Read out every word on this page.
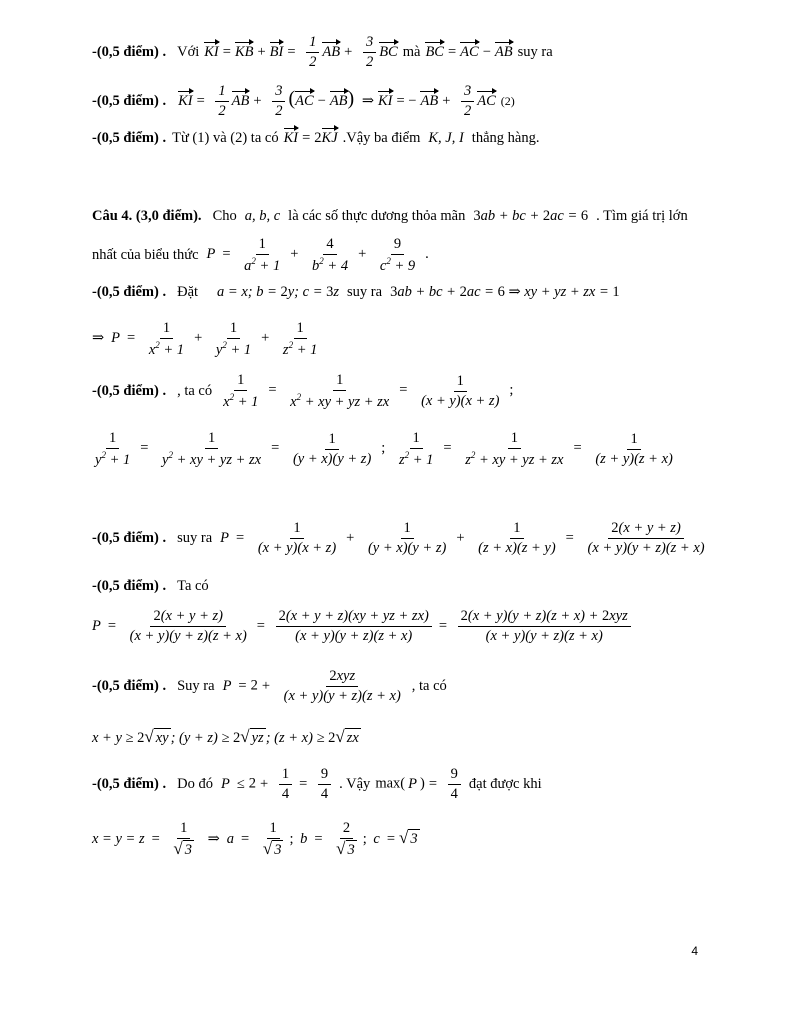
-(0,5 điểm) . Với KI = KB + BI = $\frac{1}{2}$ AB + $\frac{3}{2}$ BC mà BC = AC − AB suy ra
-(0,5 điểm) . KI = $\frac{1}{2}$ AB + $\frac{3}{2} (AC - AB)$ ⇒ KI = − AB + $\frac{3}{2}$ AC (2)
-(0,5 điểm) . Từ (1) và (2) ta có KI = 2KJ .Vậy ba điểm K, J, I thẳng hàng.
Câu 4. (3,0 điểm). Cho a, b, c là các số thực dương thỏa mãn 3ab + bc + 2ac = 6 . Tìm giá trị lớn
nhất của biểu thức $P = \frac{1}{a^2 + 1} + \frac{4}{b^2 + 4} + \frac{9}{c^2 + 9}$ .
-(0,5 điểm) . Đặt a = x; b = 2y; c = 3z suy ra 3ab + bc + 2ac = 6 ⇒ xy + yz + zx = 1
⇒ $P = \frac{1}{x^2 + 1} + \frac{1}{y^2 + 1} + \frac{1}{z^2 + 1}$
-(0,5 điểm) . , ta có $\frac{1}{x^2 + 1} = \frac{1}{x^2 + xy + yz + zx} = \frac{1}{(x + y)(x + z)}$ ;
$\frac{1}{y^2 + 1} = \frac{1}{y^2 + xy + yz + zx} = \frac{1}{(y + x)(y + z)}$ ; $\frac{1}{z^2 + 1} = \frac{1}{z^2 + xy + yz + zx} = \frac{1}{(z + y)(z + x)}$
-(0,5 điểm) . suy ra $P = \frac{1}{(x + y)(x + z)} + \frac{1}{(y + x)(y + z)} + \frac{1}{(z + x)(z + y)} = \frac{2(x + y + z)}{(x + y)(y + z)(z + x)}$
-(0,5 điểm) . Ta có
$P = \frac{2(x + y + z)}{(x + y)(y + z)(z + x)} = \frac{2(x + y + z)(xy + yz + zx)}{(x + y)(y + z)(z + x)} = \frac{\text{2(x + y)(y + z)(z + x) + 2xyz}}{(x + y)(y + z)(z + x)}$
-(0,5 điểm) . Suy ra $P = 2 + \frac{\text{2xyz}}{(x + y)(y + z)(z + x)}$ , ta có
x + y ≥ 2 √ xy ; (y + z) ≥ 2 √ yz ; (z + x) ≥ 2 √ zx
-(0,5 điểm) . Do đó $P \le 2 + \frac{1}{4} = \frac{9}{4}$ . Vậy max( P ) = $\frac{9}{4}$ đạt được khi
$x = y = z = \frac{1}{√ 3}$ ⇒ $a = \frac{1}{√ 3}$ ; $b = \frac{2}{√ 3}$ ; c = √ 3
4
